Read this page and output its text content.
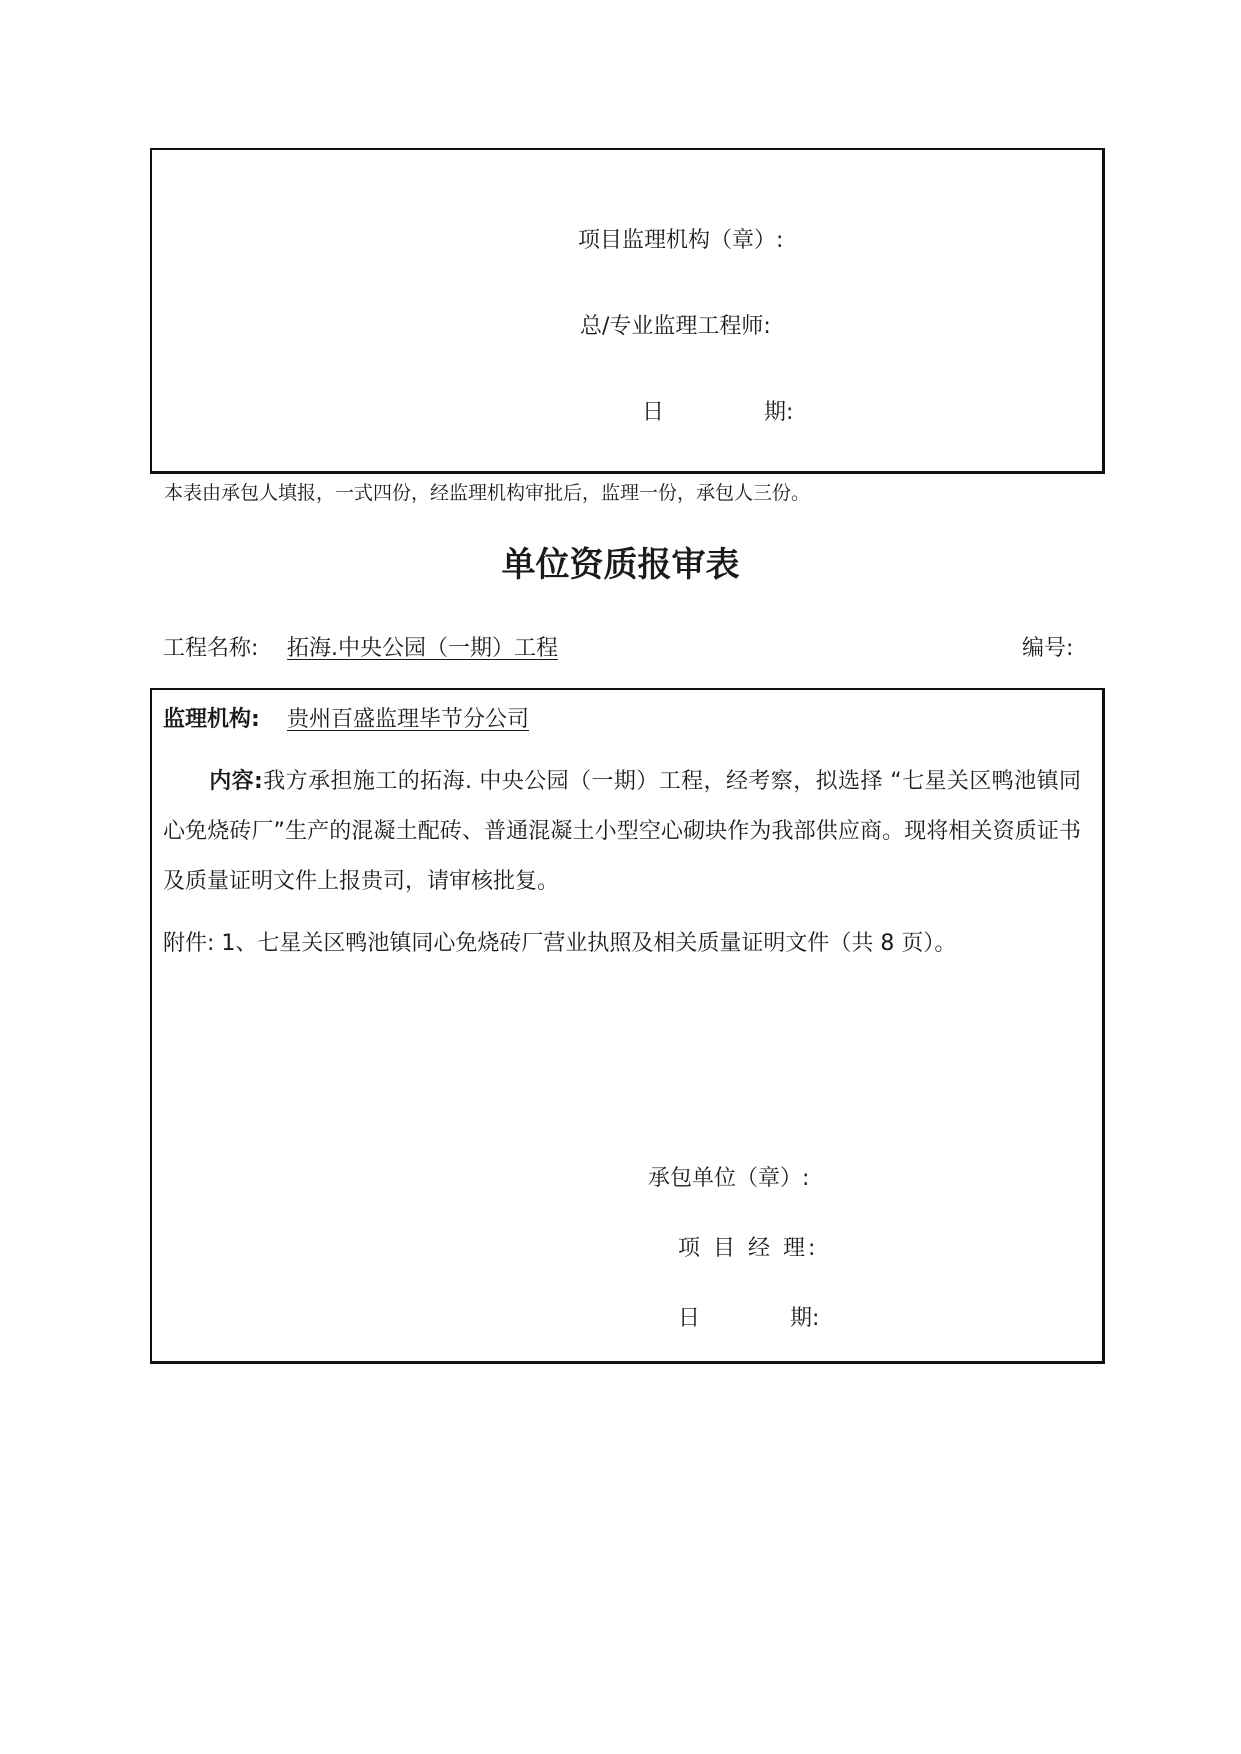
项目监理机构（章）:
总/专业监理工程师:
日	期:
本表由承包人填报，一式四份，经监理机构审批后，监理一份，承包人三份。
单位资质报审表
工程名称: 拓海.中央公园（一期）工程	编号:
监理机构: 贵州百盛监理毕节分公司
内容:我方承担施工的拓海. 中央公园（一期）工程，经考察，拟选择 “七星关区鸭池镇同心免烧砖厂”生产的混凝土配砖、普通混凝土小型空心砌块作为我部供应商。现将相关资质证书及质量证明文件上报贵司，请审核批复。
附件: 1、七星关区鸭池镇同心免烧砖厂营业执照及相关质量证明文件（共 8 页）。
承包单位（章）:
项 目 经 理:
日	期:
